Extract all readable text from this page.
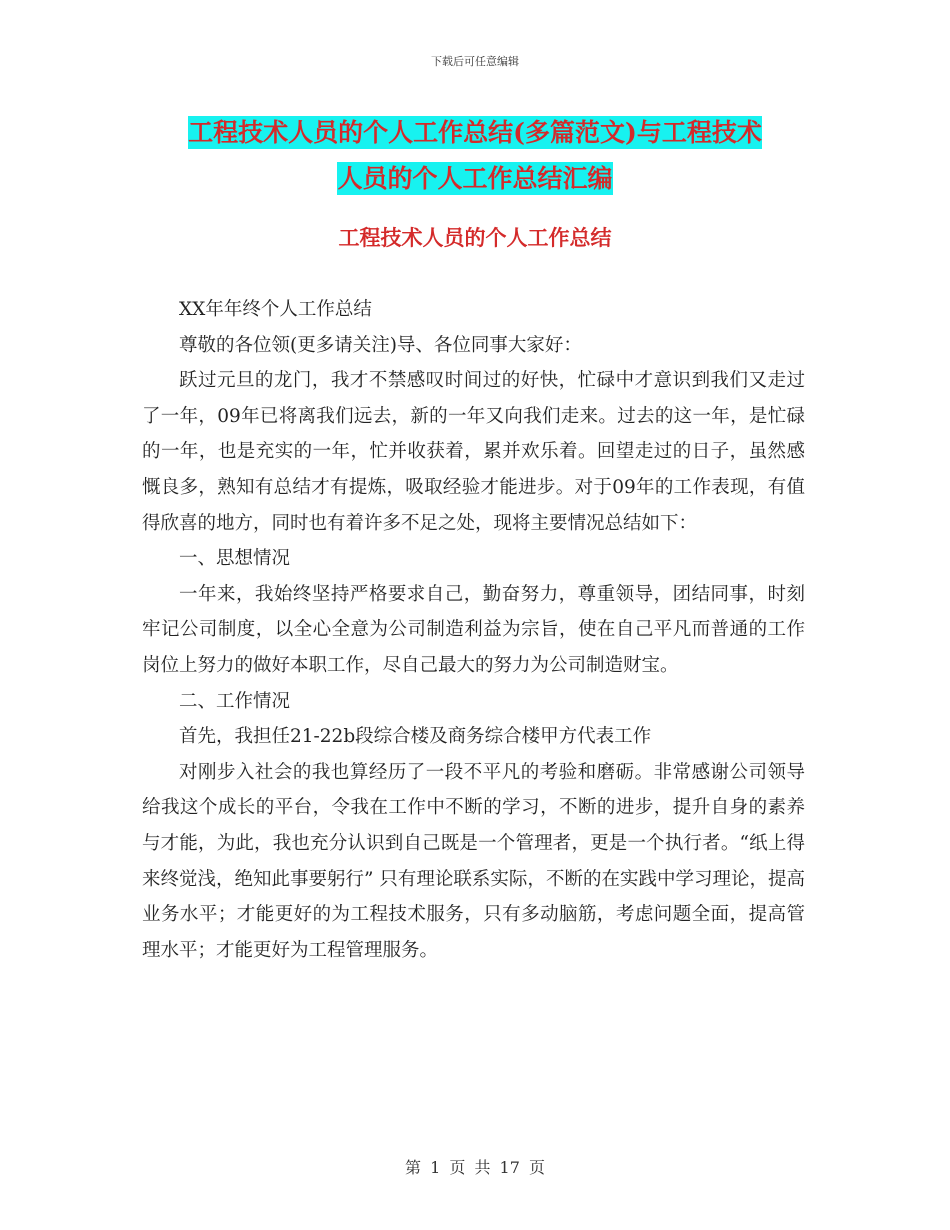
下载后可任意编辑
工程技术人员的个人工作总结(多篇范文)与工程技术
人员的个人工作总结汇编
工程技术人员的个人工作总结

XX年年终个人工作总结

尊敬的各位领(更多请关注)导、各位同事大家好：

跃过元旦的龙门，我才不禁感叹时间过的好快，忙碌中才意识到我们又走过了一年，09年已将离我们远去，新的一年又向我们走来。过去的这一年，是忙碌的一年，也是充实的一年，忙并收获着，累并欢乐着。回望走过的日子，虽然感慨良多，熟知有总结才有提炼，吸取经验才能进步。对于09年的工作表现，有值得欣喜的地方，同时也有着许多不足之处，现将主要情况总结如下：

一、思想情况

一年来，我始终坚持严格要求自己，勤奋努力，尊重领导，团结同事，时刻牢记公司制度，以全心全意为公司制造利益为宗旨，使在自己平凡而普通的工作岗位上努力的做好本职工作，尽自己最大的努力为公司制造财宝。

二、工作情况

首先，我担任21-22b段综合楼及商务综合楼甲方代表工作

对刚步入社会的我也算经历了一段不平凡的考验和磨砺。非常感谢公司领导给我这个成长的平台，令我在工作中不断的学习，不断的进步，提升自身的素养与才能，为此，我也充分认识到自己既是一个管理者，更是一个执行者。“纸上得来终觉浅，绝知此事要躬行” 只有理论联系实际，不断的在实践中学习理论，提高业务水平；才能更好的为工程技术服务，只有多动脑筋，考虑问题全面，提高管理水平；才能更好为工程管理服务。

第 1 页 共 17 页
